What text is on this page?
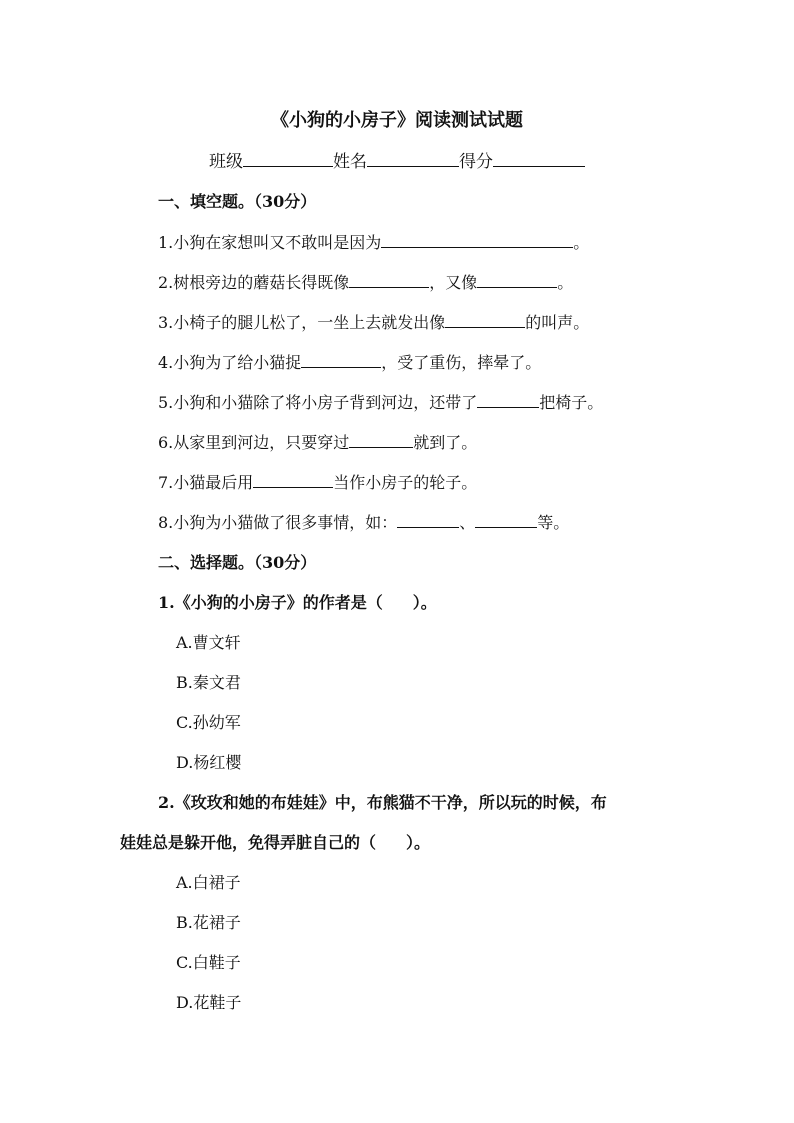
《小狗的小房子》阅读测试试题
班级	姓名	得分
一、填空题。（30分）
1.小狗在家想叫又不敢叫是因为	。
2.树根旁边的蘑菇长得既像	，又像	。
3.小椅子的腿儿松了，一坐上去就发出像	的叫声。
4.小狗为了给小猫捉	，受了重伤，摔晕了。
5.小狗和小猫除了将小房子背到河边，还带了	把椅子。
6.从家里到河边，只要穿过	就到了。
7.小猫最后用	当作小房子的轮子。
8.小狗为小猫做了很多事情，如：	、	等。
二、选择题。（30分）
1.《小狗的小房子》的作者是（ ）。
A.曹文轩
B.秦文君
C.孙幼军
D.杨红樱
2.《玫玫和她的布娃娃》中，布熊猫不干净，所以玩的时候，布
娃娃总是躲开他，免得弄脏自己的（ ）。
A.白裙子
B.花裙子
C.白鞋子
D.花鞋子
